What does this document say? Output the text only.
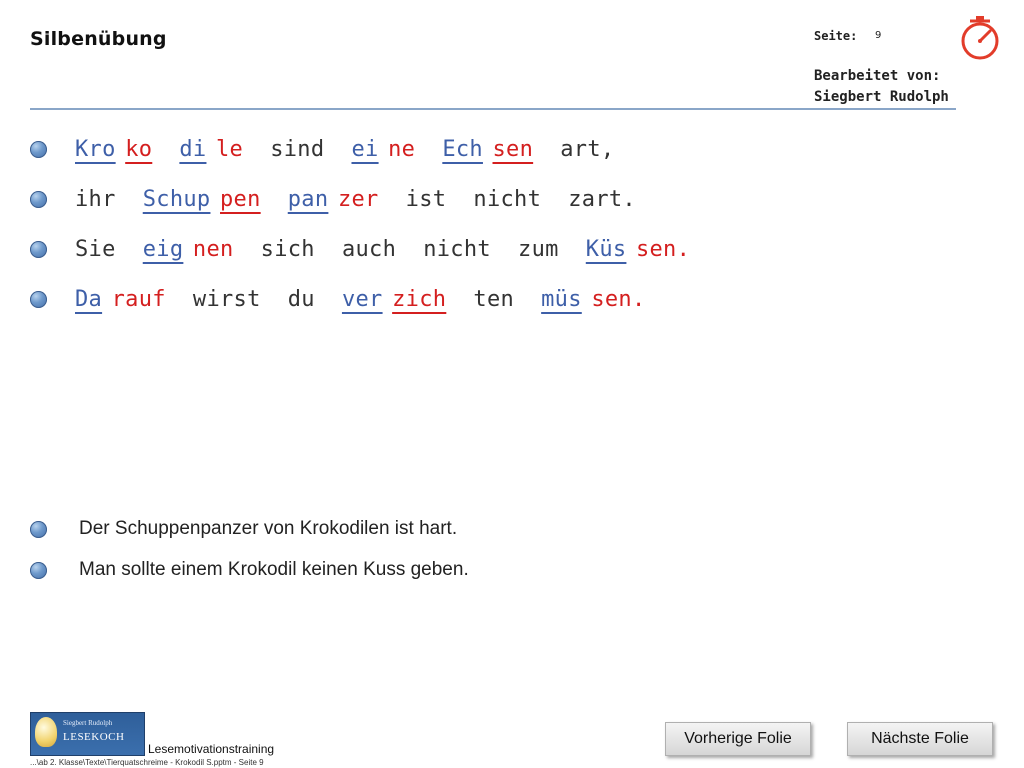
Silbenübung	Seite: 9
Bearbeitet von:
Siegbert Rudolph
Kro ko di le sind ei ne Ech sen art,
ihr Schup pen pan zer ist nicht zart.
Sie eig nen sich auch nicht zum Küs sen.
Da rauf wirst du ver zich ten müs sen.
Der Schuppenpanzer von Krokodilen ist hart.
Man sollte einem Krokodil keinen Kuss geben.
Siegbert Rudolph
LESEKOCH
Lesemotivationstraining
...\ab 2. Klasse\Texte\Tierquatschreime - Krokodil S.pptm - Seite 9
Vorherige Folie	Nächste Folie
